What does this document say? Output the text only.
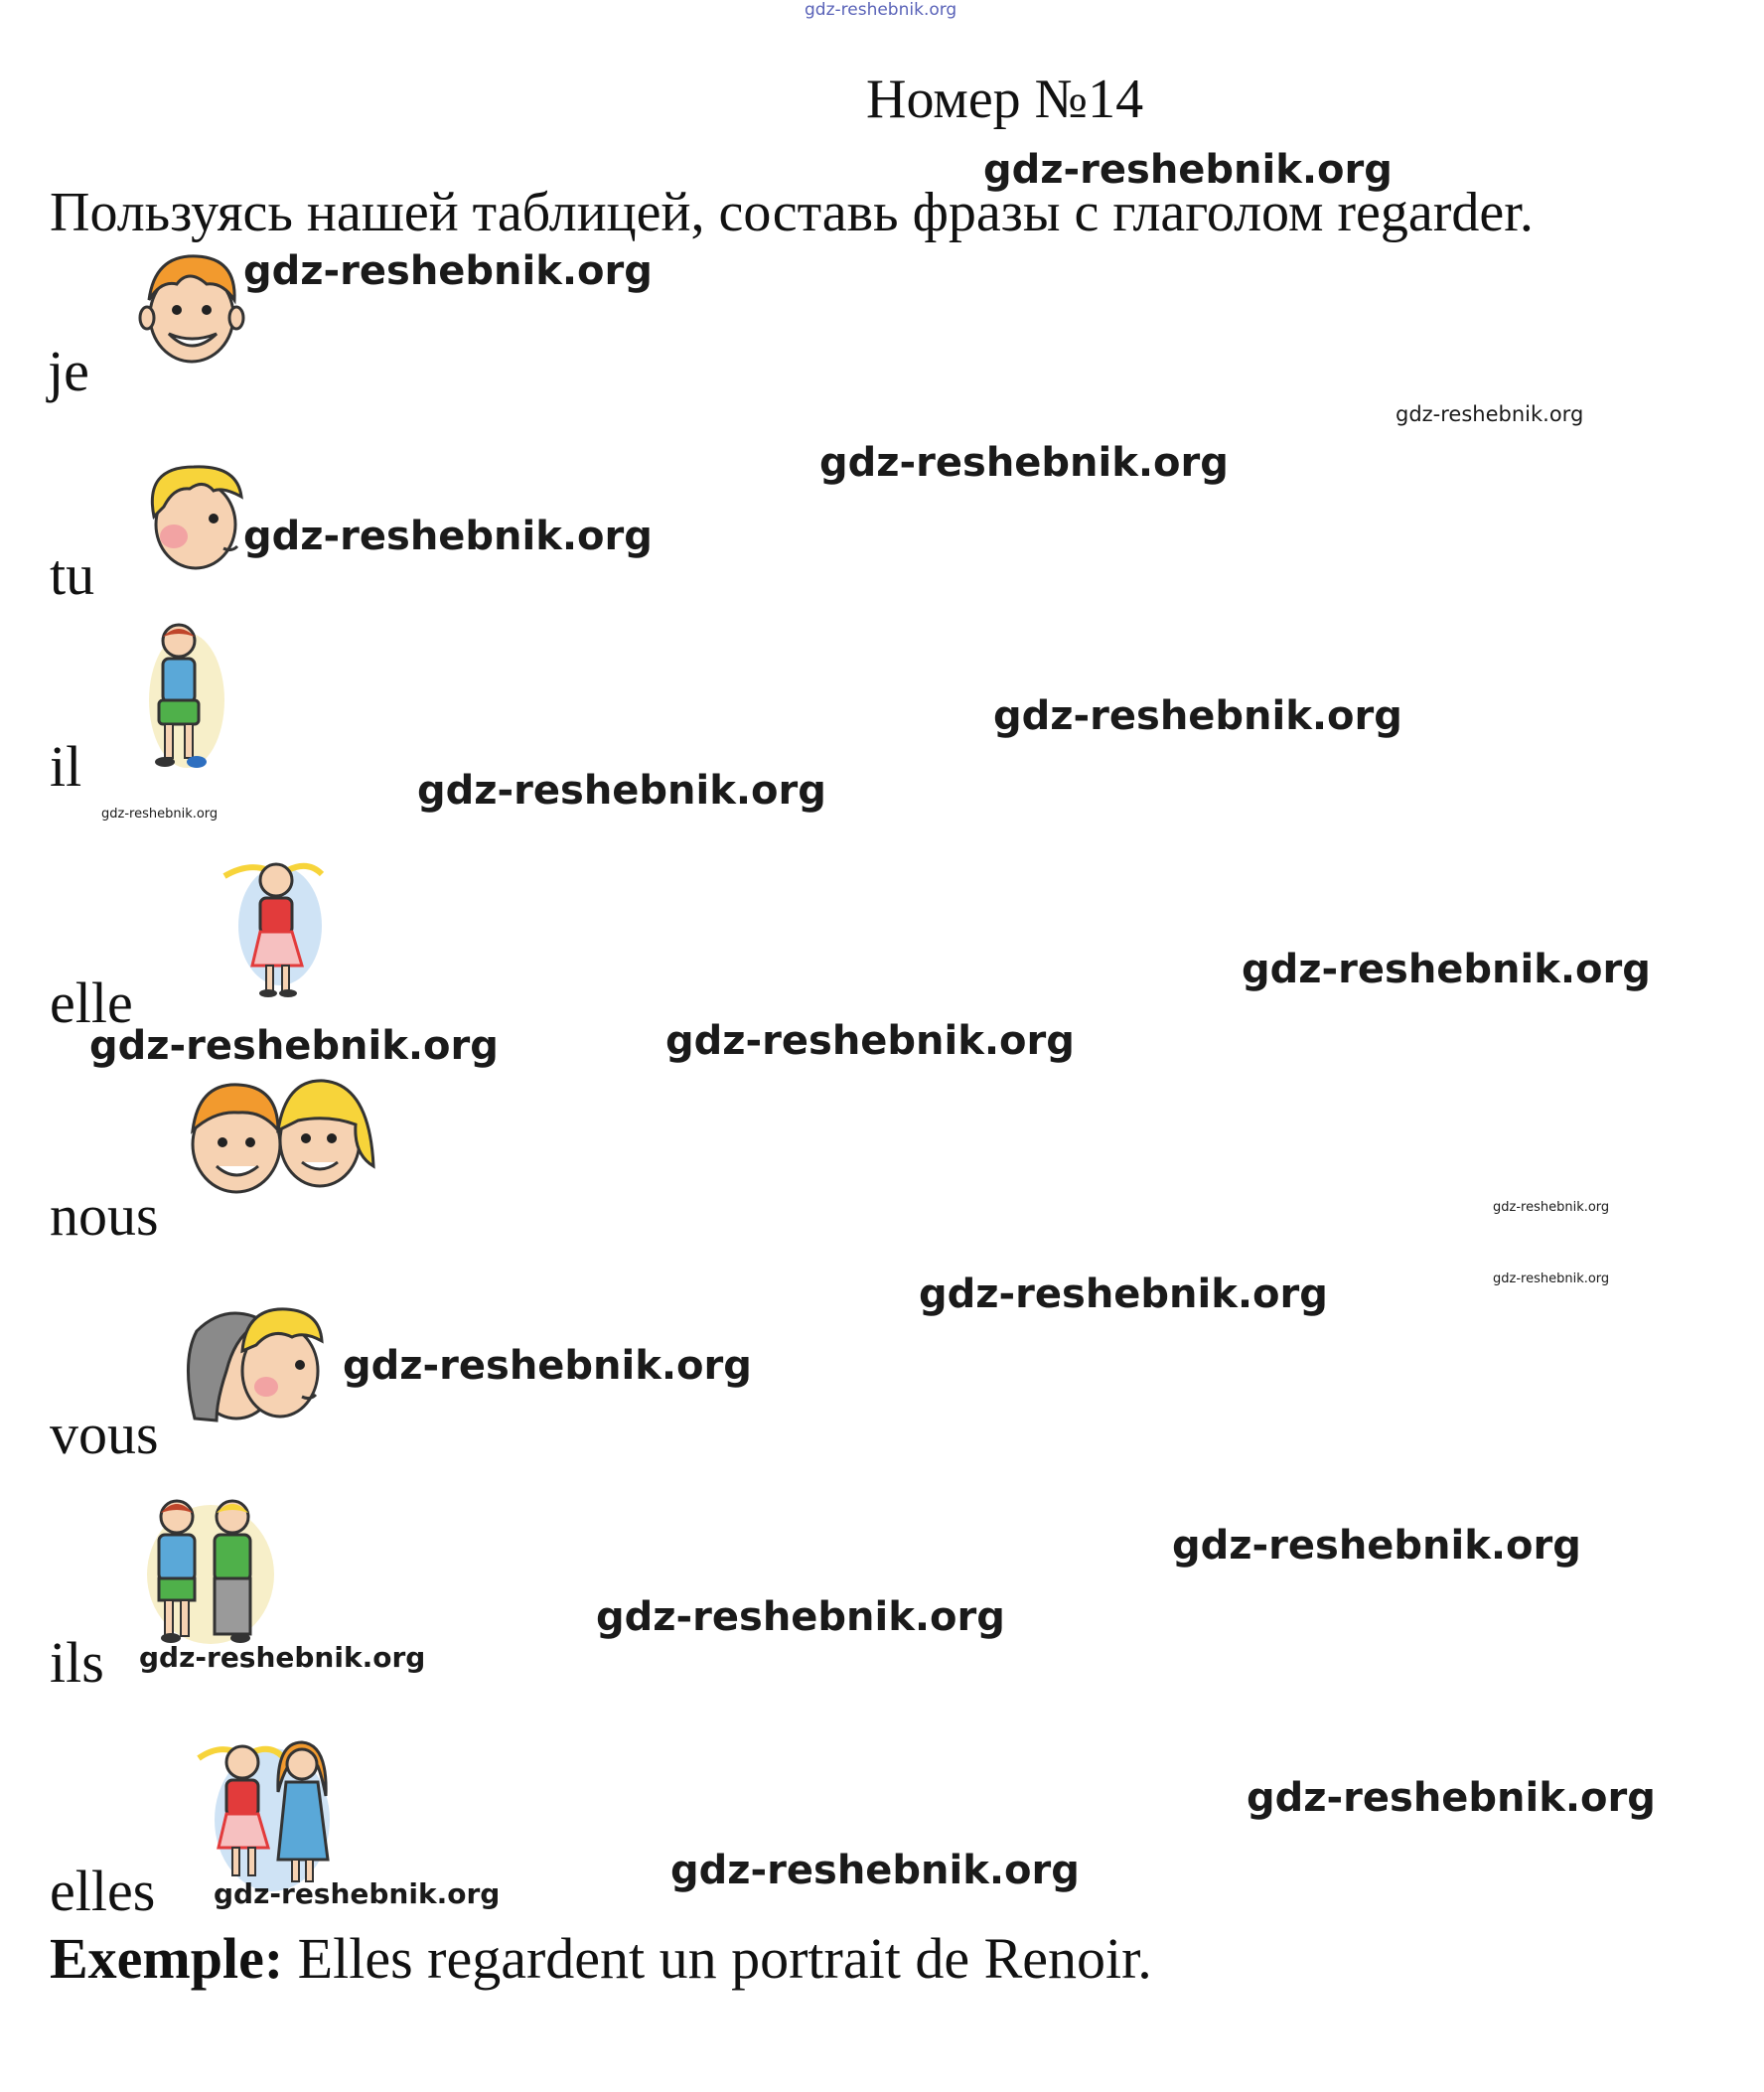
gdz-reshebnik.org
Номер №14
Пользуясь нашей таблицей, составь фразы с глаголом regarder.
je
tu
il
elle
nous
vous
ils
elles
gdz-reshebnik.org
gdz-reshebnik.org
gdz-reshebnik.org
gdz-reshebnik.org
gdz-reshebnik.org
gdz-reshebnik.org
gdz-reshebnik.org
gdz-reshebnik.org
gdz-reshebnik.org
gdz-reshebnik.org	gdz-reshebnik.org
gdz-reshebnik.org
gdz-reshebnik.org
gdz-reshebnik.org
gdz-reshebnik.org
gdz-reshebnik.org
gdz-reshebnik.org
gdz-reshebnik.org
gdz-reshebnik.org
gdz-reshebnik.org
gdz-reshebnik.org
Exemple: Elles regardent un portrait de Renoir.
